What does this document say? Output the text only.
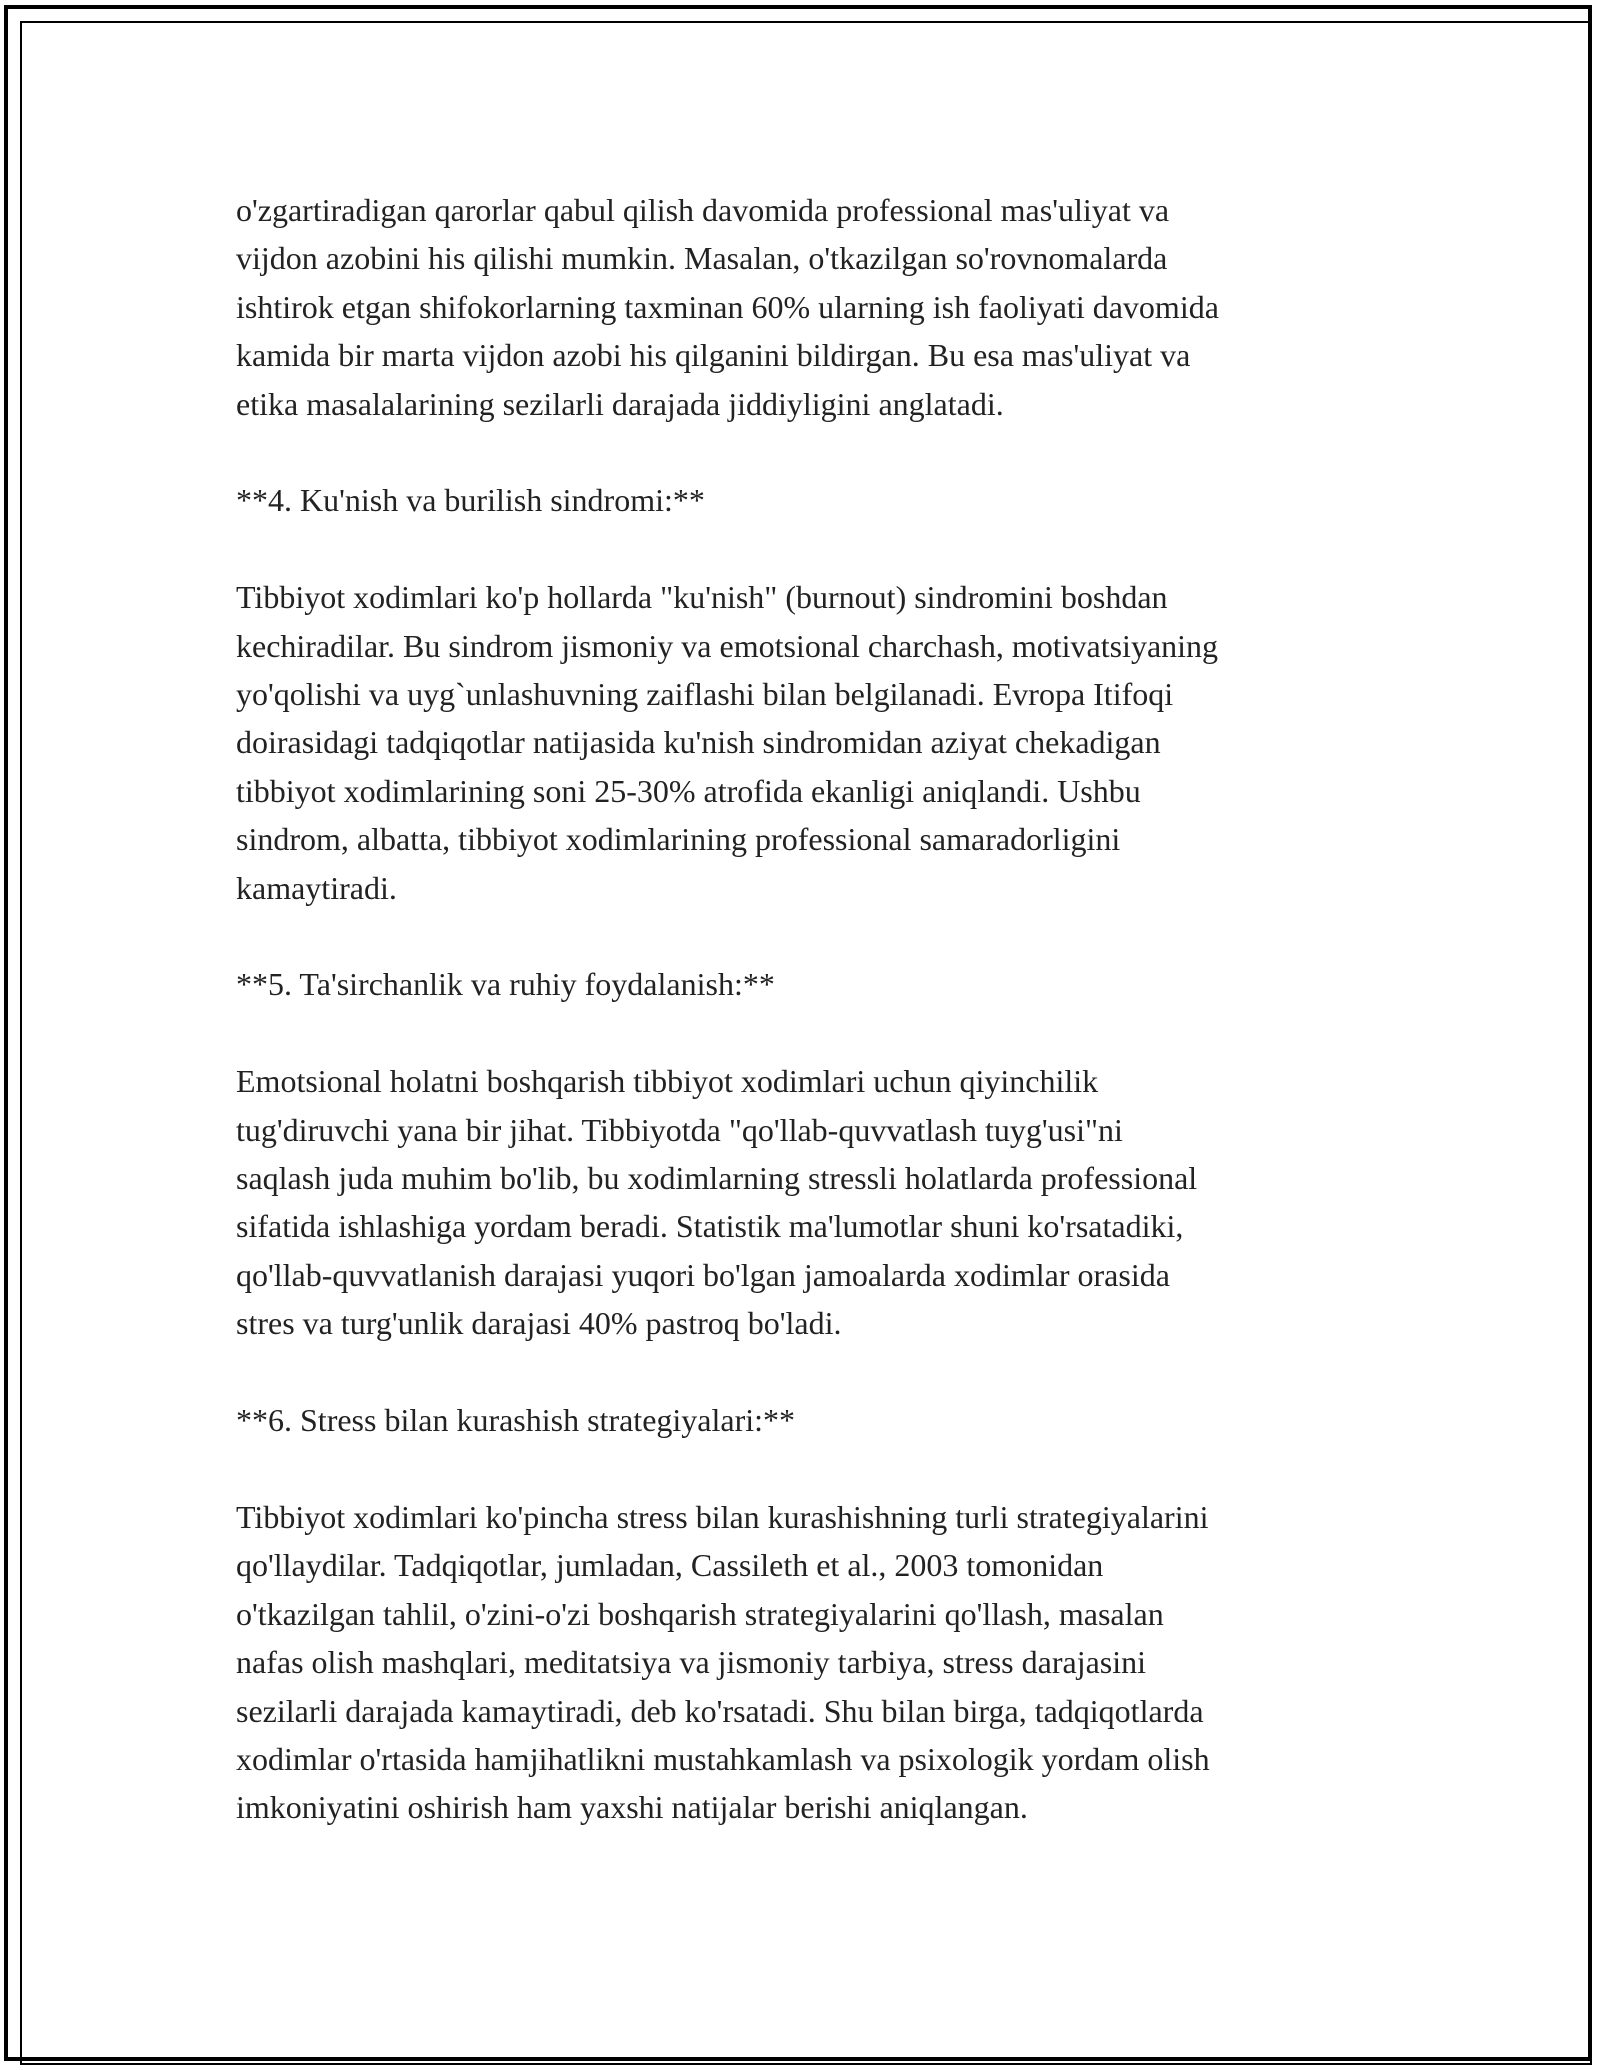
o'zgartiradigan qarorlar qabul qilish davomida professional mas'uliyat va
vijdon azobini his qilishi mumkin. Masalan, o'tkazilgan so'rovnomalarda
ishtirok etgan shifokorlarning taxminan 60% ularning ish faoliyati davomida
kamida bir marta vijdon azobi his qilganini bildirgan. Bu esa mas'uliyat va
etika masalalarining sezilarli darajada jiddiyligini anglatadi.

**4. Ku'nish va burilish sindromi:**

Tibbiyot xodimlari ko'p hollarda "ku'nish" (burnout) sindromini boshdan
kechiradilar. Bu sindrom jismoniy va emotsional charchash, motivatsiyaning
yo'qolishi va uyg`unlashuvning zaiflashi bilan belgilanadi. Evropa Itifoqi
doirasidagi tadqiqotlar natijasida ku'nish sindromidan aziyat chekadigan
tibbiyot xodimlarining soni 25-30% atrofida ekanligi aniqlandi. Ushbu
sindrom, albatta, tibbiyot xodimlarining professional samaradorligini
kamaytiradi.

**5. Ta'sirchanlik va ruhiy foydalanish:**

Emotsional holatni boshqarish tibbiyot xodimlari uchun qiyinchilik
tug'diruvchi yana bir jihat. Tibbiyotda "qo'llab-quvvatlash tuyg'usi"ni
saqlash juda muhim bo'lib, bu xodimlarning stressli holatlarda professional
sifatida ishlashiga yordam beradi. Statistik ma'lumotlar shuni ko'rsatadiki,
qo'llab-quvvatlanish darajasi yuqori bo'lgan jamoalarda xodimlar orasida
stres va turg'unlik darajasi 40% pastroq bo'ladi.

**6. Stress bilan kurashish strategiyalari:**

Tibbiyot xodimlari ko'pincha stress bilan kurashishning turli strategiyalarini
qo'llaydilar. Tadqiqotlar, jumladan, Cassileth et al., 2003 tomonidan
o'tkazilgan tahlil, o'zini-o'zi boshqarish strategiyalarini qo'llash, masalan
nafas olish mashqlari, meditatsiya va jismoniy tarbiya, stress darajasini
sezilarli darajada kamaytiradi, deb ko'rsatadi. Shu bilan birga, tadqiqotlarda
xodimlar o'rtasida hamjihatlikni mustahkamlash va psixologik yordam olish
imkoniyatini oshirish ham yaxshi natijalar berishi aniqlangan.
